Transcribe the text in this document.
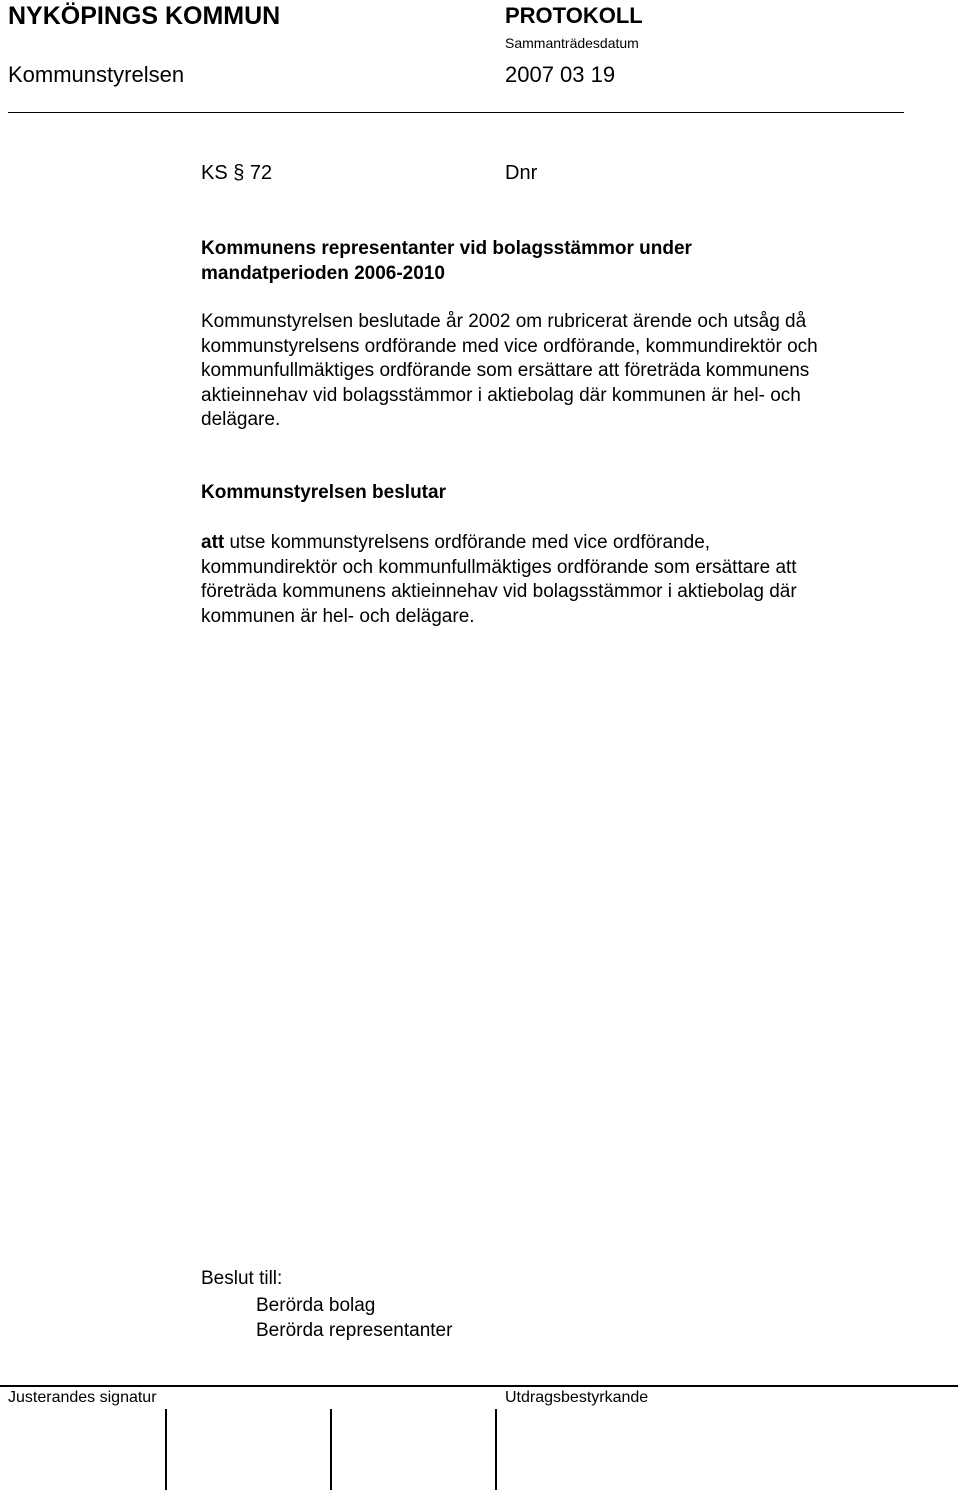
NYKÖPINGS KOMMUN	PROTOKOLL
Sammanträdesdatum
Kommunstyrelsen	2007 03 19
KS § 72	Dnr
Kommunens representanter vid bolagsstämmor under
mandatperioden 2006-2010
Kommunstyrelsen beslutade år 2002 om rubricerat ärende och utsåg då
kommunstyrelsens ordförande med vice ordförande, kommundirektör och
kommunfullmäktiges ordförande som ersättare att företräda kommunens
aktieinnehav vid bolagsstämmor i aktiebolag där kommunen är hel- och
delägare.
Kommunstyrelsen beslutar
att utse kommunstyrelsens ordförande med vice ordförande,
kommundirektör och kommunfullmäktiges ordförande som ersättare att
företräda kommunens aktieinnehav vid bolagsstämmor i aktiebolag där
kommunen är hel- och delägare.
Beslut till:
Berörda bolag
Berörda representanter
Justerandes signatur	Utdragsbestyrkande
